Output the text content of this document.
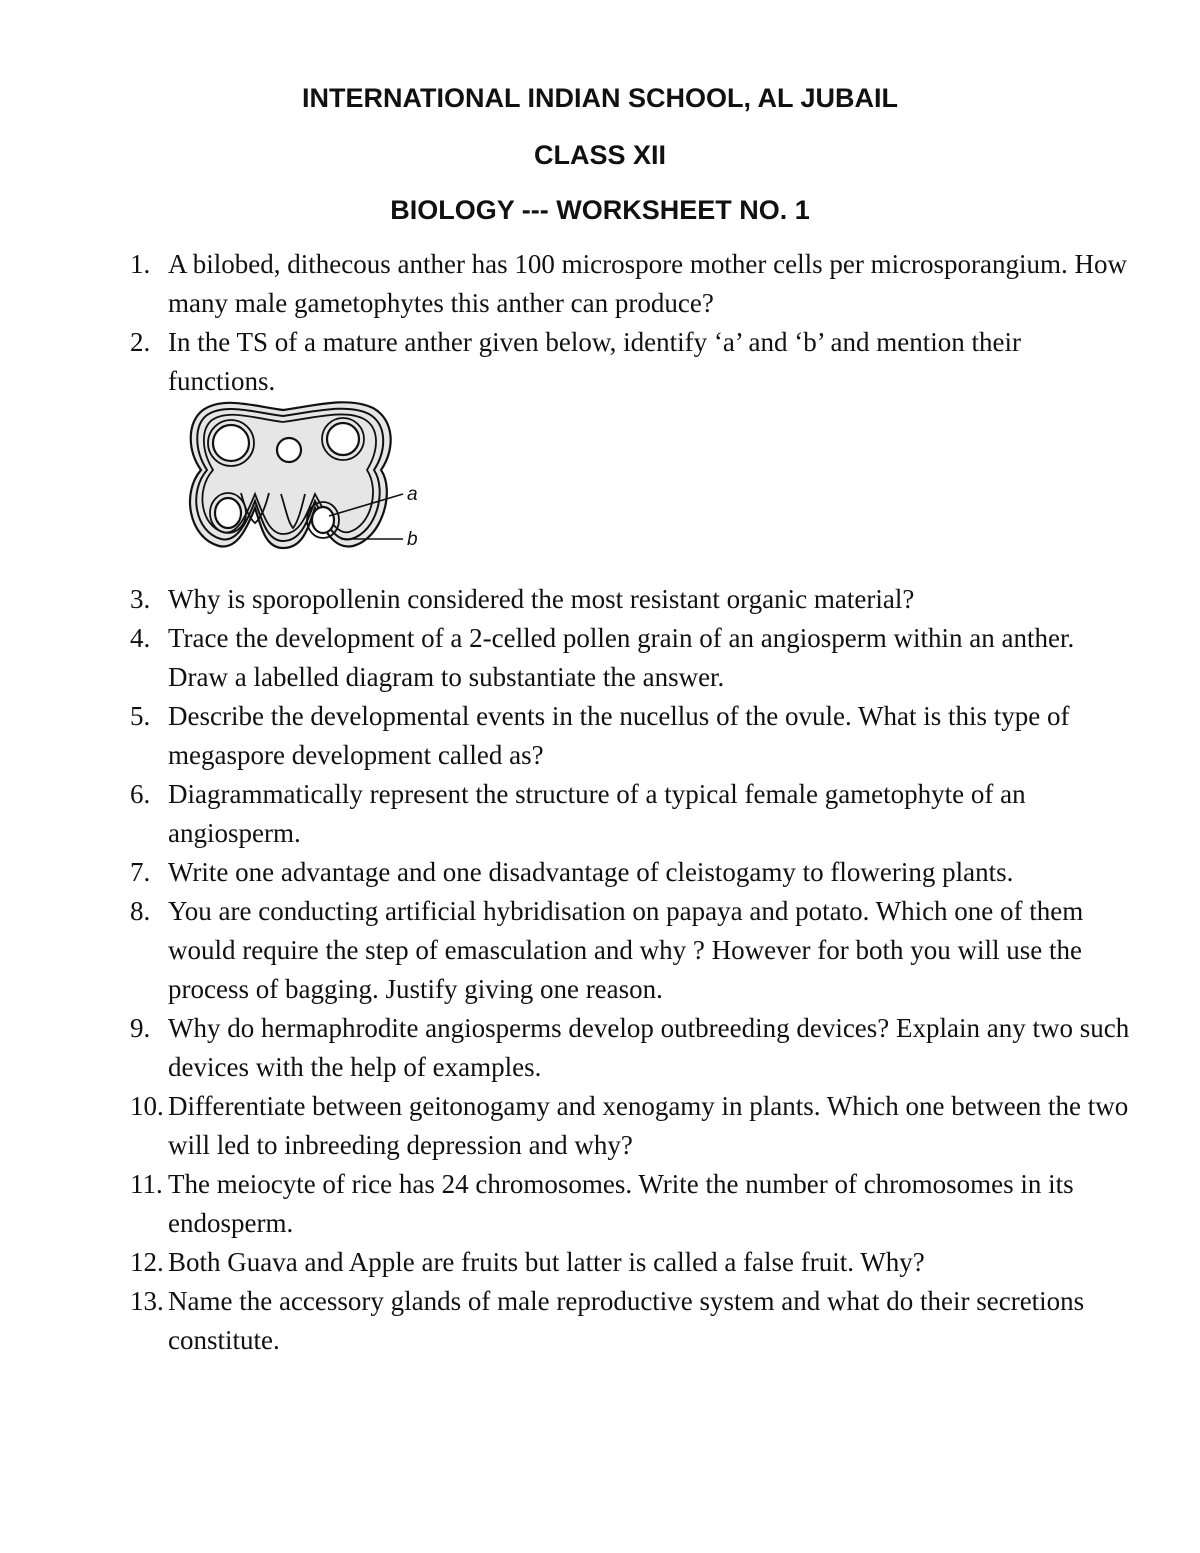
INTERNATIONAL INDIAN SCHOOL, AL JUBAIL
CLASS XII
BIOLOGY --- WORKSHEET NO. 1
1. A bilobed, dithecous anther has 100 microspore mother cells per microsporangium. How many male gametophytes this anther can produce?
2. In the TS of a mature anther given below, identify ‘a’ and ‘b’ and mention their functions.
3. Why is sporopollenin considered the most resistant organic material?
4. Trace the development of a 2-celled pollen grain of an angiosperm within an anther. Draw a labelled diagram to substantiate the answer.
5. Describe the developmental events in the nucellus of the ovule. What is this type of megaspore development called as?
6. Diagrammatically represent the structure of a typical female gametophyte of an angiosperm.
7. Write one advantage and one disadvantage of cleistogamy to flowering plants.
8. You are conducting artificial hybridisation on papaya and potato. Which one of them would require the step of emasculation and why ? However for both you will use the process of bagging. Justify giving one reason.
9. Why do hermaphrodite angiosperms develop outbreeding devices? Explain any two such devices with the help of examples.
10. Differentiate between geitonogamy and xenogamy in plants. Which one between the two will led to inbreeding depression and why?
11. The meiocyte of rice has 24 chromosomes. Write the number of chromosomes in its endosperm.
12. Both Guava and Apple are fruits but latter is called a false fruit. Why?
13. Name the accessory glands of male reproductive system and what do their secretions constitute.
a
b
